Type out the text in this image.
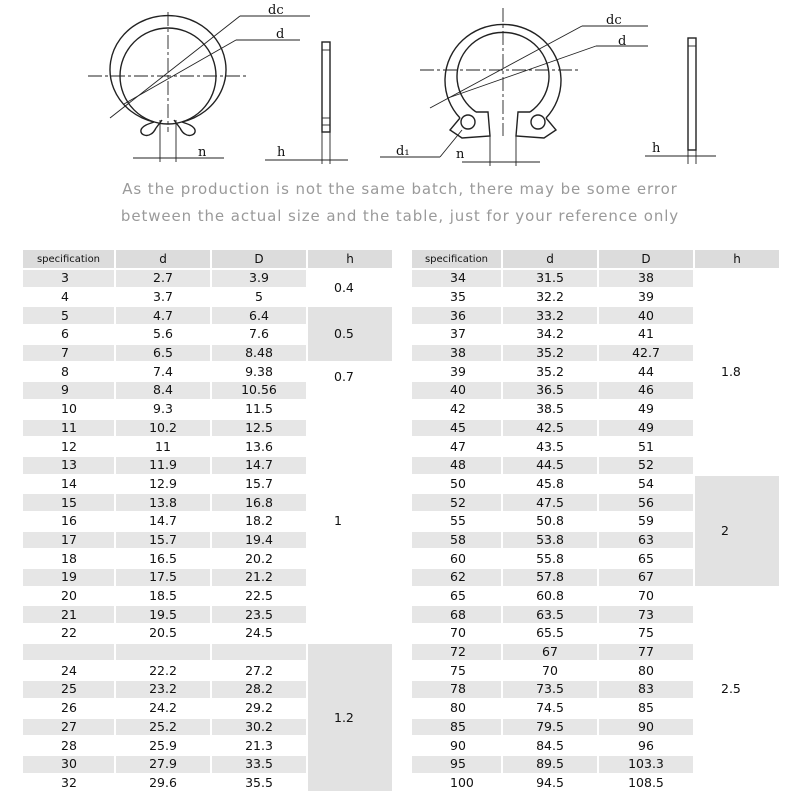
dc
d
n	h
dc
d
d₁	n	h
As the production is not the same batch, there may be some error
between the actual size and the table, just for your reference only
specification	d	D	h
3	2.7	3.9	0.4
4	3.7	5	
5	4.7	6.4	0.5
6	5.6	7.6	
7	6.5	8.48	
8	7.4	9.38	0.7
9	8.4	10.56	
10	9.3	11.5	1
11	10.2	12.5	
12	11	13.6	
13	11.9	14.7	
14	12.9	15.7	
15	13.8	16.8	
16	14.7	18.2	
17	15.7	19.4	
18	16.5	20.2	
19	17.5	21.2	
20	18.5	22.5	
21	19.5	23.5	
22	20.5	24.5	
			1.2
24	22.2	27.2	
25	23.2	28.2	
26	24.2	29.2	
27	25.2	30.2	
28	25.9	21.3	
30	27.9	33.5	
32	29.6	35.5	
specification	d	D	h
34	31.5	38	1.8
35	32.2	39	
36	33.2	40	
37	34.2	41	
38	35.2	42.7	
39	35.2	44	
40	36.5	46	
42	38.5	49	
45	42.5	49	
47	43.5	51	
48	44.5	52	
50	45.8	54	2
52	47.5	56	
55	50.8	59	
58	53.8	63	
60	55.8	65	
62	57.8	67	
65	60.8	70	2.5
68	63.5	73	
70	65.5	75	
72	67	77	
75	70	80	
78	73.5	83	
80	74.5	85	
85	79.5	90	
90	84.5	96	
95	89.5	103.3	
100	94.5	108.5	
